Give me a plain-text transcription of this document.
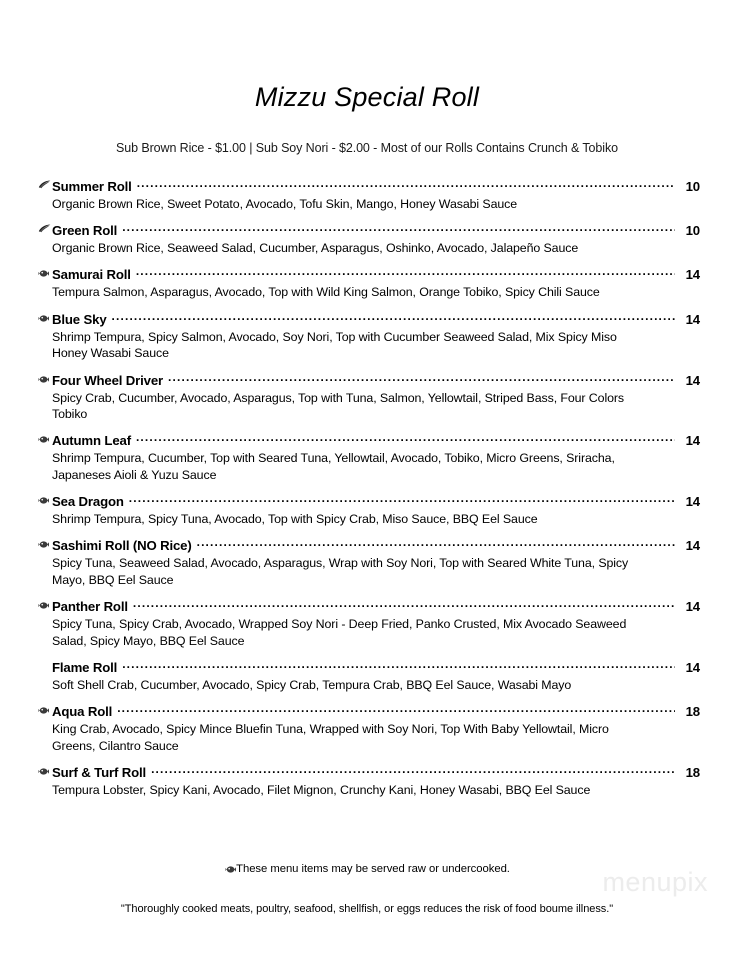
Mizzu Special Roll

Sub Brown Rice - $1.00 | Sub Soy Nori - $2.00 - Most of our Rolls Contains Crunch & Tobiko

Summer Roll .....	10
Organic Brown Rice, Sweet Potato, Avocado, Tofu Skin, Mango, Honey Wasabi Sauce
Green Roll .....	10
Organic Brown Rice, Seaweed Salad, Cucumber, Asparagus, Oshinko, Avocado, Jalapeño Sauce
Samurai Roll .....	14
Tempura Salmon, Asparagus, Avocado, Top with Wild King Salmon, Orange Tobiko, Spicy Chili Sauce
Blue Sky .....	14
Shrimp Tempura, Spicy Salmon, Avocado, Soy Nori, Top with Cucumber Seaweed Salad, Mix Spicy Miso Honey Wasabi Sauce
Four Wheel Driver .....	14
Spicy Crab, Cucumber, Avocado, Asparagus, Top with Tuna, Salmon, Yellowtail, Striped Bass, Four Colors Tobiko
Autumn Leaf .....	14
Shrimp Tempura, Cucumber, Top with Seared Tuna, Yellowtail, Avocado, Tobiko, Micro Greens, Sriracha, Japaneses Aioli & Yuzu Sauce
Sea Dragon .....	14
Shrimp Tempura, Spicy Tuna, Avocado, Top with Spicy Crab, Miso Sauce, BBQ Eel Sauce
Sashimi Roll (NO Rice) .....	14
Spicy Tuna, Seaweed Salad, Avocado, Asparagus, Wrap with Soy Nori, Top with Seared White Tuna, Spicy Mayo, BBQ Eel Sauce
Panther Roll .....	14
Spicy Tuna, Spicy Crab, Avocado, Wrapped Soy Nori - Deep Fried, Panko Crusted, Mix Avocado Seaweed Salad, Spicy Mayo, BBQ Eel Sauce
Flame Roll .....	14
Soft Shell Crab, Cucumber, Avocado, Spicy Crab, Tempura Crab, BBQ Eel Sauce, Wasabi Mayo
Aqua Roll .....	18
King Crab, Avocado, Spicy Mince Bluefin Tuna, Wrapped with Soy Nori, Top With Baby Yellowtail, Micro Greens, Cilantro Sauce
Surf & Turf Roll .....	18
Tempura Lobster, Spicy Kani, Avocado, Filet Mignon, Crunchy Kani, Honey Wasabi, BBQ Eel Sauce

These menu items may be served raw or undercooked.

"Thoroughly cooked meats, poultry, seafood, shellfish, or eggs reduces the risk of food boume illness."

menupix
